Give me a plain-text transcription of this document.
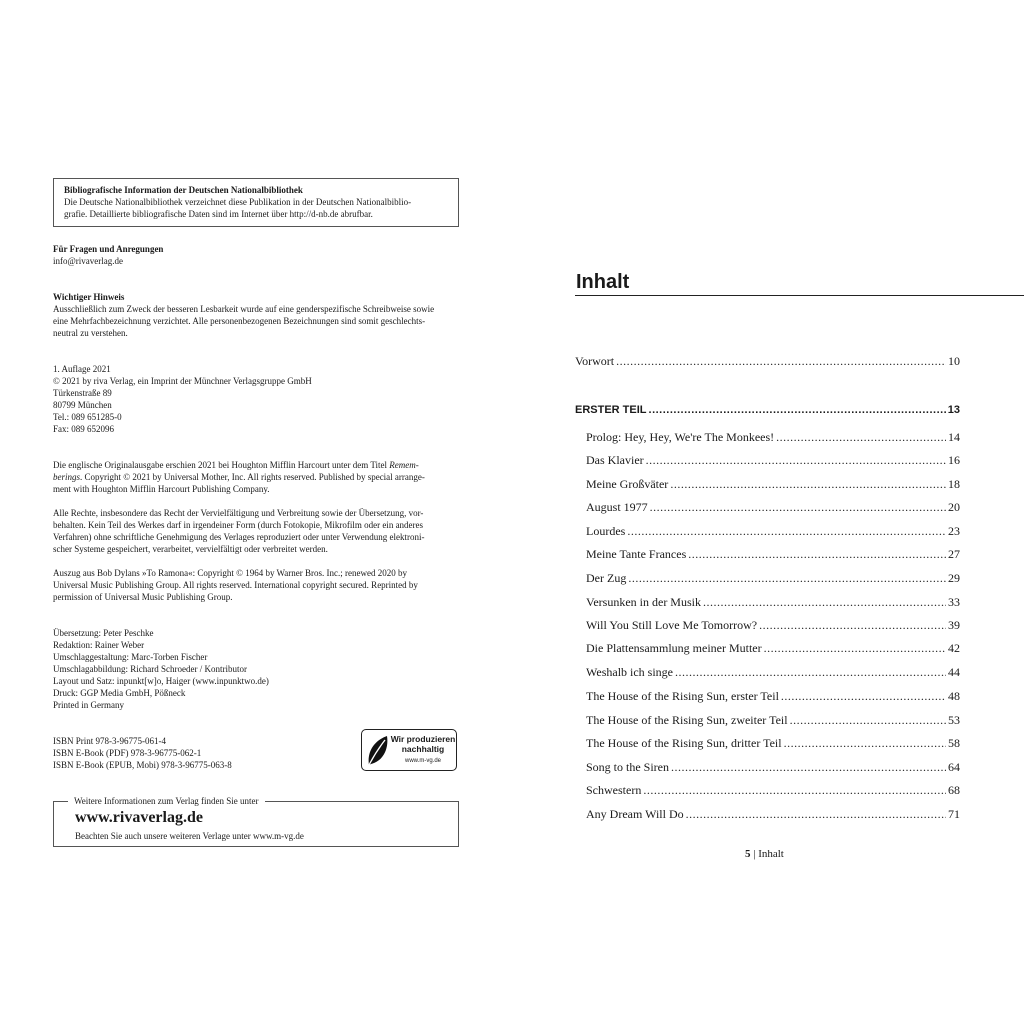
Bibliografische Information der Deutschen Nationalbibliothek

Die Deutsche Nationalbibliothek verzeichnet diese Publikation in der Deutschen Nationalbiblio-

grafie. Detaillierte bibliografische Daten sind im Internet über http://d-nb.de abrufbar.

Für Fragen und Anregungen

info@rivaverlag.de

Wichtiger Hinweis

Ausschließlich zum Zweck der besseren Lesbarkeit wurde auf eine genderspezifische Schreibweise sowie

eine Mehrfachbezeichnung verzichtet. Alle personenbezogenen Bezeichnungen sind somit geschlechts-

neutral zu verstehen.

1. Auflage 2021

© 2021 by riva Verlag, ein Imprint der Münchner Verlagsgruppe GmbH

Türkenstraße 89

80799 München

Tel.: 089 651285-0

Fax: 089 652096

Die englische Originalausgabe erschien 2021 bei Houghton Mifflin Harcourt unter dem Titel Remem-

berings. Copyright © 2021 by Universal Mother, Inc. All rights reserved. Published by special arrange-

ment with Houghton Mifflin Harcourt Publishing Company.

Alle Rechte, insbesondere das Recht der Vervielfältigung und Verbreitung sowie der Übersetzung, vor-

behalten. Kein Teil des Werkes darf in irgendeiner Form (durch Fotokopie, Mikrofilm oder ein anderes

Verfahren) ohne schriftliche Genehmigung des Verlages reproduziert oder unter Verwendung elektroni-

scher Systeme gespeichert, verarbeitet, vervielfältigt oder verbreitet werden.

Auszug aus Bob Dylans »To Ramona«: Copyright © 1964 by Warner Bros. Inc.; renewed 2020 by

Universal Music Publishing Group. All rights reserved. International copyright secured. Reprinted by

permission of Universal Music Publishing Group.

Übersetzung: Peter Peschke

Redaktion: Rainer Weber

Umschlaggestaltung: Marc-Torben Fischer

Umschlagabbildung: Richard Schroeder / Kontributor

Layout und Satz: inpunkt[w]o, Haiger (www.inpunktwo.de)

Druck: GGP Media GmbH, Pößneck

Printed in Germany

ISBN Print 978-3-96775-061-4

ISBN E-Book (PDF) 978-3-96775-062-1

ISBN E-Book (EPUB, Mobi) 978-3-96775-063-8

Wir produzieren
nachhaltig
www.m-vg.de
Weitere Informationen zum Verlag finden Sie unter
www.rivaverlag.de
Beachten Sie auch unsere weiteren Verlage unter www.m-vg.de
Inhalt
Vorwort .....	10
ERSTER TEIL .....	13
Prolog: Hey, Hey, We're The Monkees! .....	14
Das Klavier .....	16
Meine Großväter .....	18
August 1977 .....	20
Lourdes .....	23
Meine Tante Frances .....	27
Der Zug .....	29
Versunken in der Musik .....	33
Will You Still Love Me Tomorrow? .....	39
Die Plattensammlung meiner Mutter .....	42
Weshalb ich singe .....	44
The House of the Rising Sun, erster Teil .....	48
The House of the Rising Sun, zweiter Teil .....	53
The House of the Rising Sun, dritter Teil .....	58
Song to the Siren .....	64
Schwestern .....	68
Any Dream Will Do .....	71
5 | Inhalt
